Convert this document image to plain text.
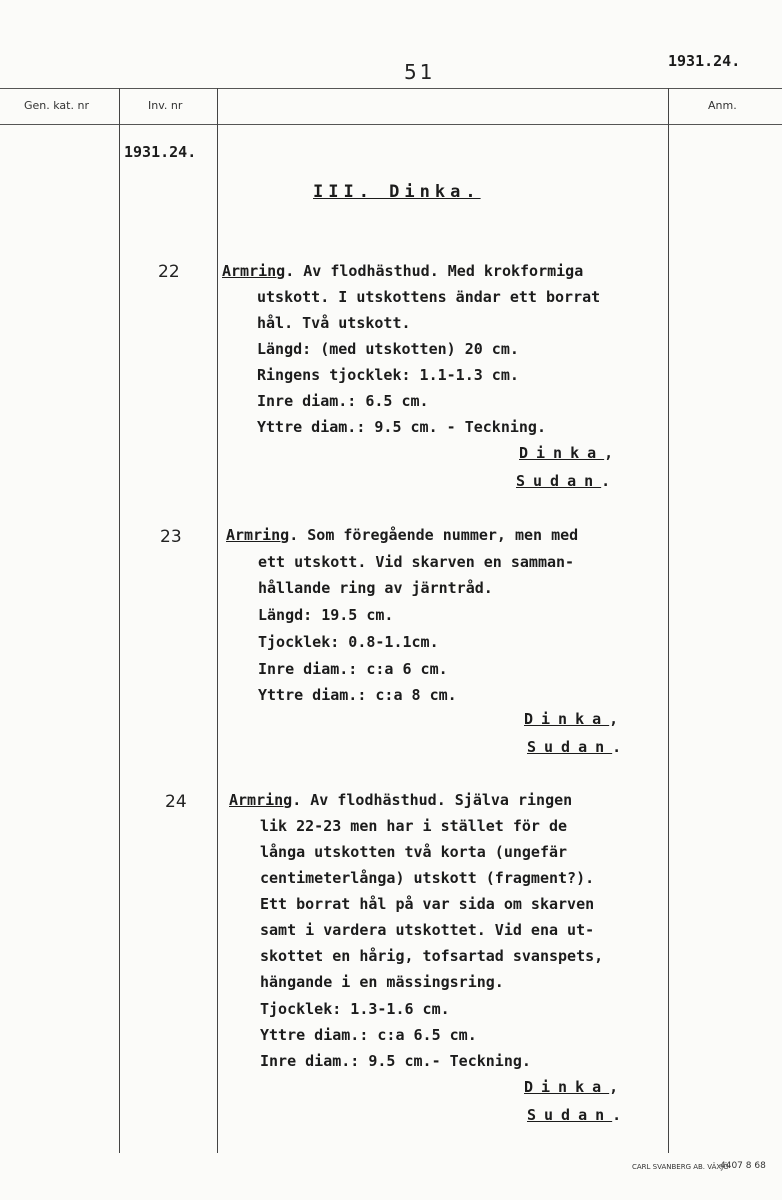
51	1931.24.
Gen. kat. nr	Inv. nr	Anm.
1931.24.
III. Dinka.
22	Armring. Av flodhästhud. Med krokformiga
utskott. I utskottens ändar ett borrat
hål. Två utskott.
Längd: (med utskotten) 20 cm.
Ringens tjocklek: 1.1-1.3 cm.
Inre diam.: 6.5 cm.
Yttre diam.: 9.5 cm. - Teckning.
Dinka,
Sudan.
23	Armring. Som föregående nummer, men med
ett utskott. Vid skarven en samman-
hållande ring av järntråd.
Längd: 19.5 cm.
Tjocklek: 0.8-1.1cm.
Inre diam.: c:a 6 cm.
Yttre diam.: c:a 8 cm.
Dinka,
Sudan.
24	Armring. Av flodhästhud. Själva ringen
lik 22-23 men har i stället för de
långa utskotten två korta (ungefär
centimeterlånga) utskott (fragment?).
Ett borrat hål på var sida om skarven
samt i vardera utskottet. Vid ena ut-
skottet en hårig, tofsartad svanspets,
hängande i en mässingsring.
Tjocklek: 1.3-1.6 cm.
Yttre diam.: c:a 6.5 cm.
Inre diam.: 9.5 cm.- Teckning.
Dinka,
Sudan.
CARL SVANBERG AB. VÄXJÖ
4407 8 68
